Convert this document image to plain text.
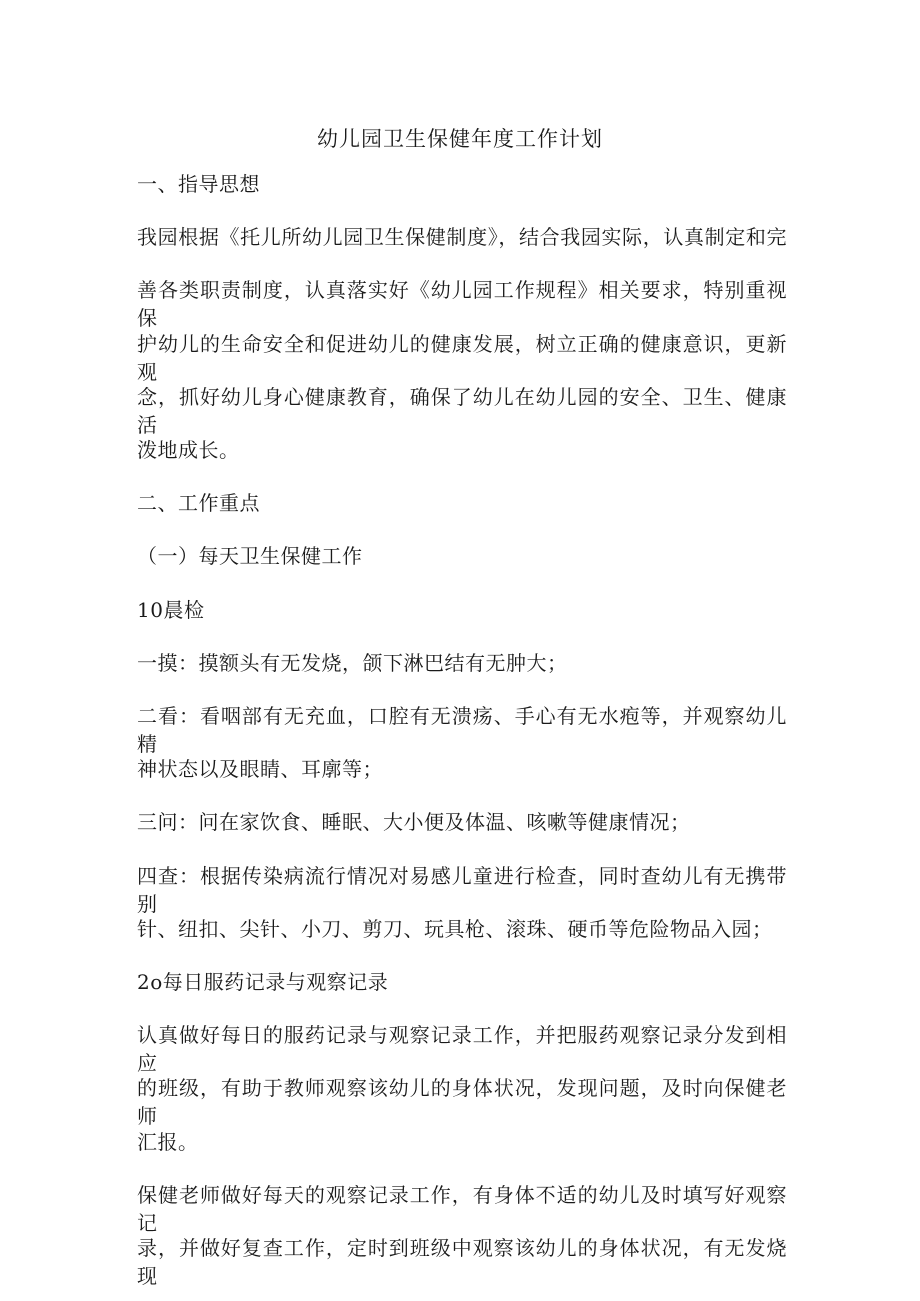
幼儿园卫生保健年度工作计划
一、指导思想
我园根据《托儿所幼儿园卫生保健制度》，结合我园实际，认真制定和完
善各类职责制度，认真落实好《幼儿园工作规程》相关要求，特别重视保
护幼儿的生命安全和促进幼儿的健康发展，树立正确的健康意识，更新观
念，抓好幼儿身心健康教育，确保了幼儿在幼儿园的安全、卫生、健康活
泼地成长。
二、工作重点
（一）每天卫生保健工作
10晨检
一摸：摸额头有无发烧，颌下淋巴结有无肿大；
二看：看咽部有无充血，口腔有无溃疡、手心有无水疱等，并观察幼儿精
神状态以及眼睛、耳廓等；
三问：问在家饮食、睡眠、大小便及体温、咳嗽等健康情况；
四查：根据传染病流行情况对易感儿童进行检查，同时查幼儿有无携带别
针、纽扣、尖针、小刀、剪刀、玩具枪、滚珠、硬币等危险物品入园；
2o每日服药记录与观察记录
认真做好每日的服药记录与观察记录工作，并把服药观察记录分发到相应
的班级，有助于教师观察该幼儿的身体状况，发现问题，及时向保健老师
汇报。
保健老师做好每天的观察记录工作，有身体不适的幼儿及时填写好观察记
录，并做好复查工作，定时到班级中观察该幼儿的身体状况，有无发烧现
